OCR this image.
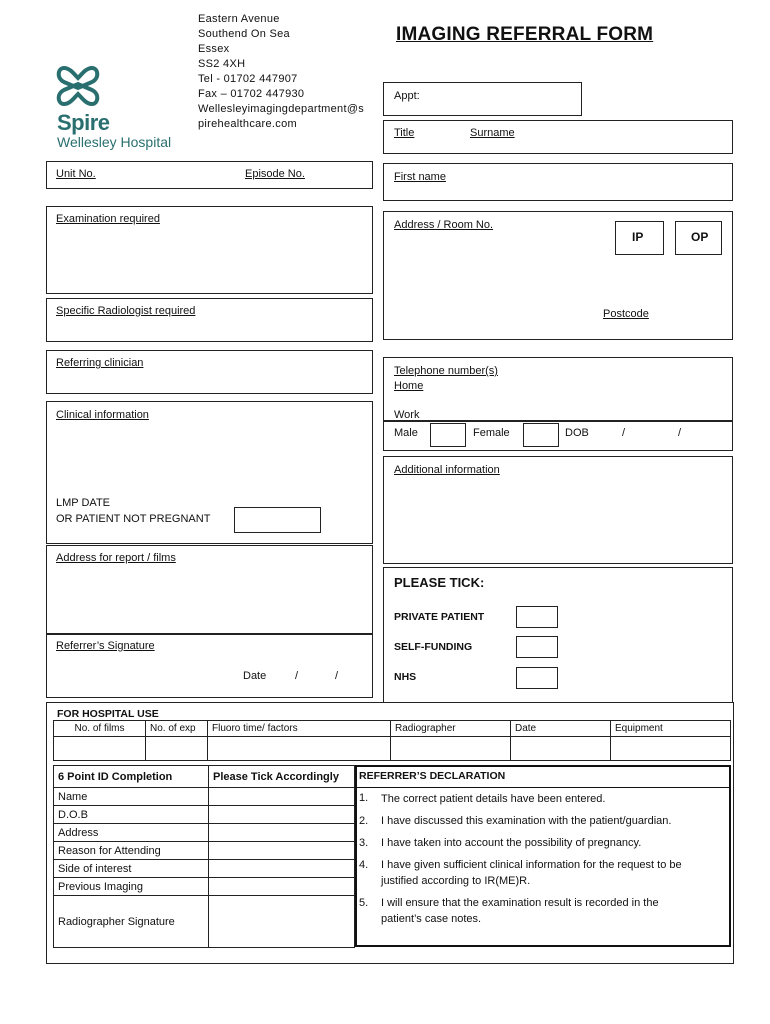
Spire
Wellesley Hospital
Eastern Avenue
Southend On Sea
Essex
SS2 4XH
Tel - 01702 447907
Fax – 01702 447930
Wellesleyimagingdepartment@s
pirehealthcare.com
IMAGING REFERRAL FORM
Appt:
Title	Surname
Unit No.	Episode No.	First name
Examination required	Address / Room No.
IP	OP
Postcode
Specific Radiologist required
Referring clinician
Telephone number(s)
Home
Work
Male	Female	DOB	/	/
Clinical information
LMP DATE
OR PATIENT NOT PREGNANT
Additional information
Address for report / films
Referrer’s Signature
Date	/	/
PLEASE TICK:
PRIVATE PATIENT
SELF-FUNDING
NHS
FOR HOSPITAL USE
No. of films	No. of exp	Fluoro time/ factors	Radiographer	Date	Equipment

6 Point ID Completion	Please Tick Accordingly
Name	
D.O.B	
Address	
Reason for Attending	
Side of interest	
Previous Imaging	
Radiographer Signature	
REFERRER’S DECLARATION
1. The correct patient details have been entered.
2. I have discussed this examination with the patient/guardian.
3. I have taken into account the possibility of pregnancy.
4. I have given sufficient clinical information for the request to be
justified according to IR(ME)R.
5. I will ensure that the examination result is recorded in the
patient’s case notes.
